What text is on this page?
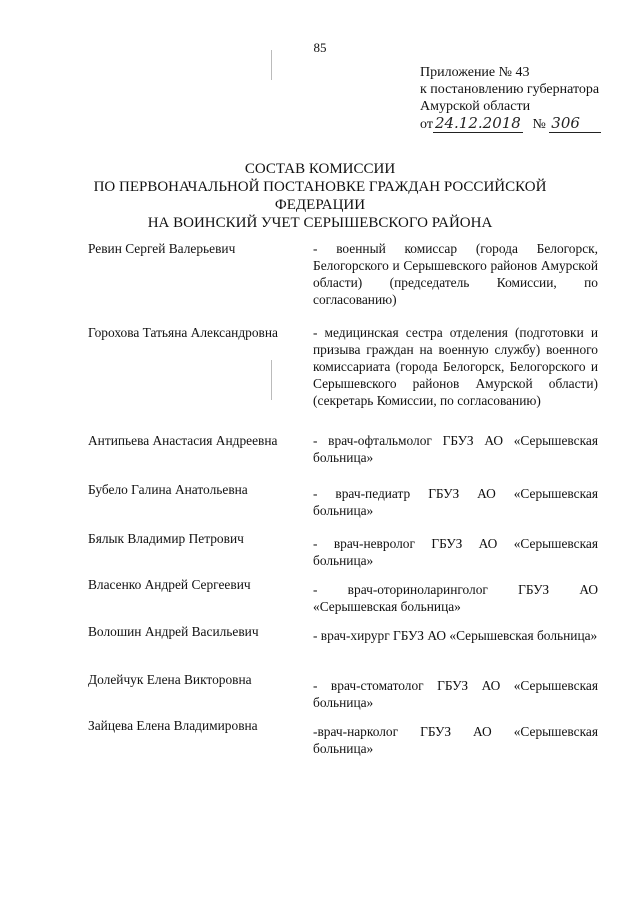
85
Приложение № 43
к постановлению губернатора
Амурской области
от 24.12.2018 № 306
СОСТАВ КОМИССИИ
ПО ПЕРВОНАЧАЛЬНОЙ ПОСТАНОВКЕ ГРАЖДАН РОССИЙСКОЙ ФЕДЕРАЦИИ
НА ВОИНСКИЙ УЧЕТ СЕРЫШЕВСКОГО РАЙОНА
Ревин Сергей Валерьевич	- военный комиссар (города Белогорск, Белогорского и Серышевского районов Амурской области) (председатель Комиссии, по согласованию)
Горохова Татьяна Александровна	- медицинская сестра отделения (подготовки и призыва граждан на военную службу) военного комиссариата (города Белогорск, Белогорского и Серышевского районов Амурской области) (секретарь Комиссии, по согласованию)
Антипьева Анастасия Андреевна	- врач-офтальмолог ГБУЗ АО «Серышевская больница»
Бубело Галина Анатольевна	- врач-педиатр ГБУЗ АО «Серышевская больница»
Бялык Владимир Петрович	- врач-невролог ГБУЗ АО «Серышевская больница»
Власенко Андрей Сергеевич	- врач-оториноларинголог ГБУЗ АО «Серышевская больница»
Волошин Андрей Васильевич	- врач-хирург ГБУЗ АО «Серышевская больница»
Долейчук Елена Викторовна	- врач-стоматолог ГБУЗ АО «Серышевская больница»
Зайцева Елена Владимировна	-врач-нарколог ГБУЗ АО «Серышевская больница»
